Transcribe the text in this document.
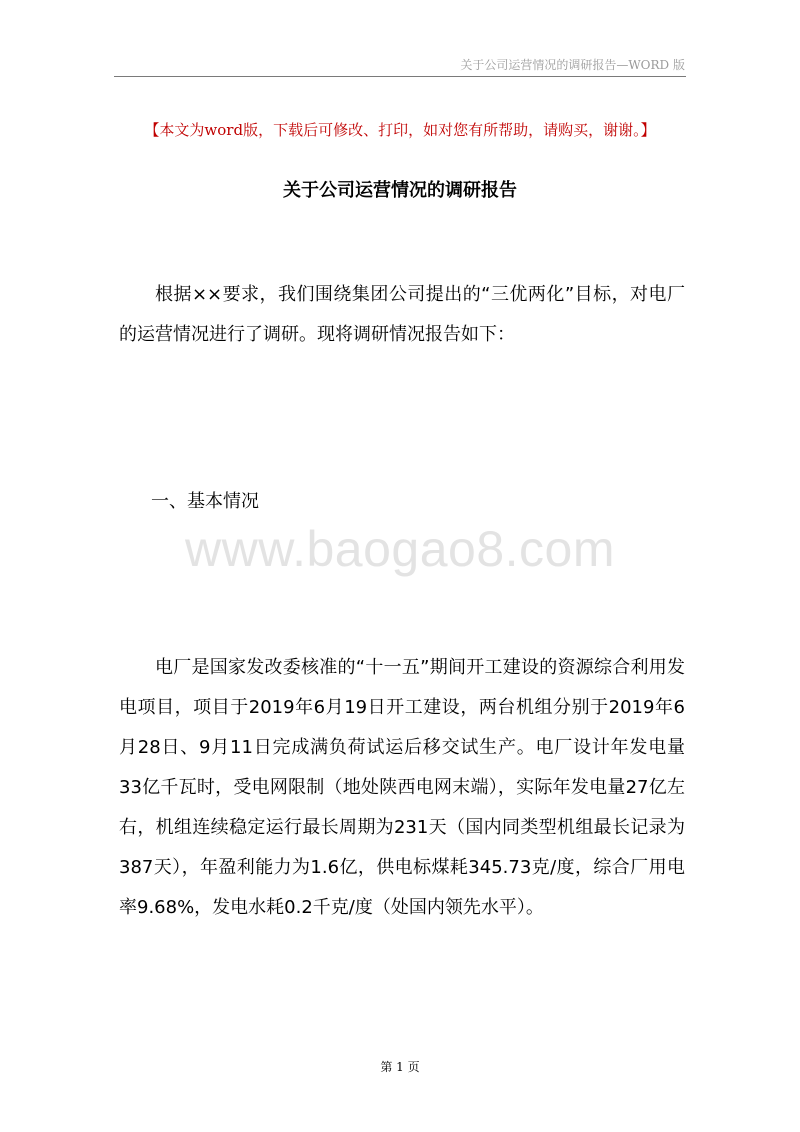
关于公司运营情况的调研报告—WORD 版
【本文为word版，下载后可修改、打印，如对您有所帮助，请购买，谢谢。】
关于公司运营情况的调研报告
根据××要求，我们围绕集团公司提出的“三优两化”目标，对电厂的运营情况进行了调研。现将调研情况报告如下：
一、基本情况
www.baogao8.com
电厂是国家发改委核准的“十一五”期间开工建设的资源综合利用发电项目，项目于2019年6月19日开工建设，两台机组分别于2019年6月28日、9月11日完成满负荷试运后移交试生产。电厂设计年发电量33亿千瓦时，受电网限制（地处陕西电网末端），实际年发电量27亿左右，机组连续稳定运行最长周期为231天（国内同类型机组最长记录为387天），年盈利能力为1.6亿，供电标煤耗345.73克/度，综合厂用电率9.68%，发电水耗0.2千克/度（处国内领先水平）。
第 1 页
